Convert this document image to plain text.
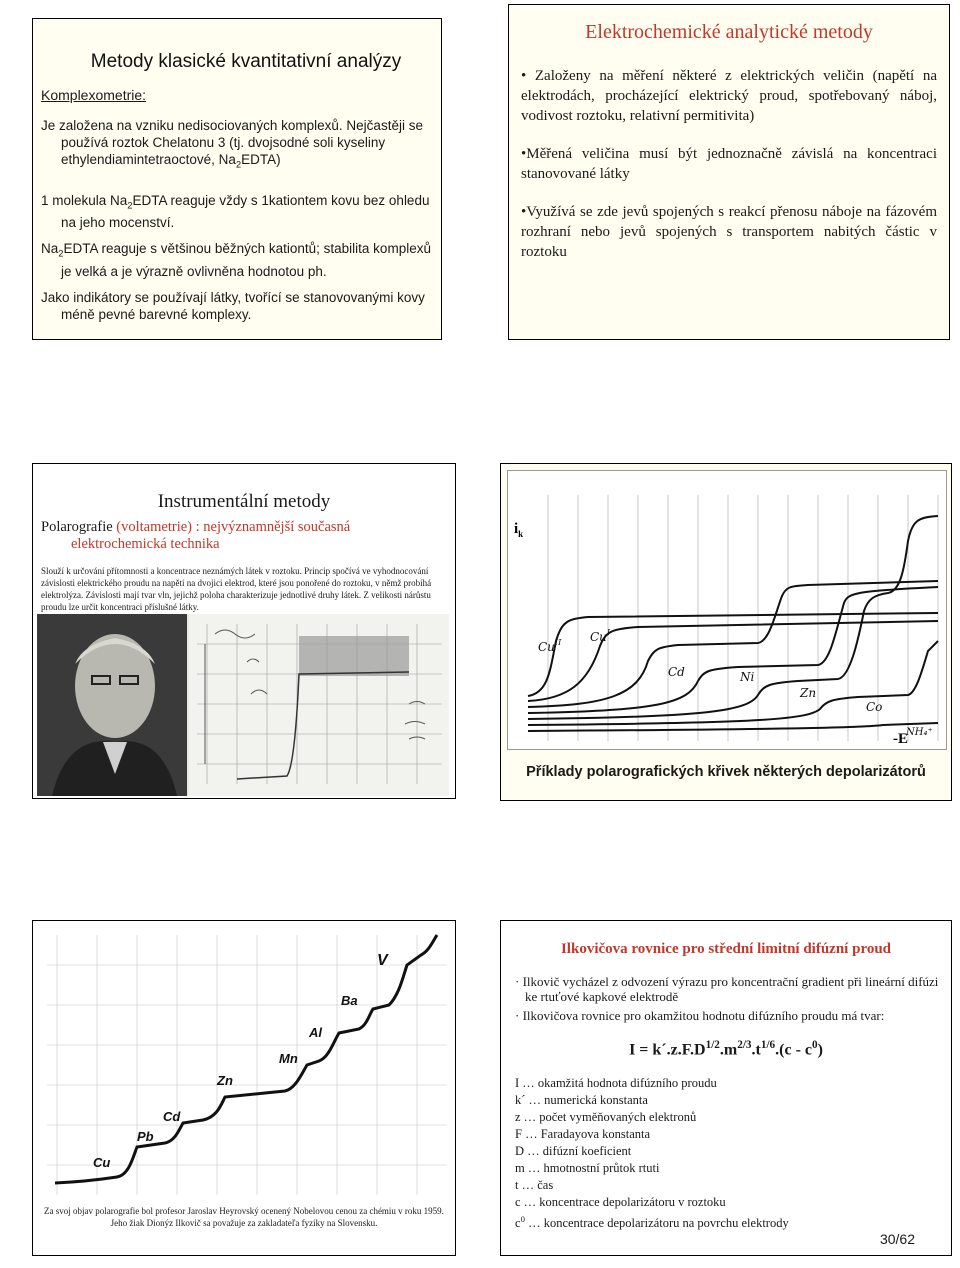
Metody klasické kvantitativní analýzy
Komplexometrie:
Je založena na vzniku nedisociovaných komplexů. Nejčastěji se používá roztok Chelatonu 3 (tj. dvojsodné soli kyseliny ethylendiamintetraoctové, $Na_2EDTA$)
1 molekula $Na_2EDTA$ reaguje vždy s 1kationtem kovu bez ohledu na jeho mocenství.
$Na_2EDTA$ reaguje s většinou běžných kationtů; stabilita komplexů je velká a je výrazně ovlivněna hodnotou ph.
Jako indikátory se používají látky, tvořící se stanovovanými kovy méně pevné barevné komplexy.
Elektrochemické analytické metody
• Založeny na měření některé z elektrických veličin (napětí na elektrodách, procházející elektrický proud, spotřebovaný náboj, vodivost roztoku, relativní permitivita)
•Měřená veličina musí být jednoznačně závislá na koncentraci stanovované látky
•Využívá se zde jevů spojených s reakcí přenosu náboje na fázovém rozhraní nebo jevů spojených s transportem nabitých částic v roztoku
Instrumentální metody
Polarografie (voltametrie) : nejvýznamnější současná elektrochemická technika
Slouží k určování přítomnosti a koncentrace neznámých látek v roztoku. Princip spočívá ve vyhodnocování závislosti elektrického proudu na napětí na dvojici elektrod, které jsou ponořené do roztoku, v němž probíhá elektrolýza. Závislosti mají tvar vln, jejichž poloha charakterizuje jednotlivé druhy látek. Z velikosti nárůstu proudu lze určit koncentraci příslušné látky.
$i_k$
-E
$Cu^{II}$ $Cu^I$
Cd	Ni
Zn
Co
NH₄⁺
Příklady polarografických křivek některých depolarizátorů
Cu
Pb
Cd
Zn
Mn
Al
Ba
V
Za svoj objav polarografie bol profesor Jaroslav Heyrovský ocenený Nobelovou cenou za chémiu v roku 1959. Jeho žiak Dionýz Ilkovič sa považuje za zakladateľa fyziky na Slovensku.
Ilkovičova rovnice pro střední limitní difúzní proud
· Ilkovič vycházel z odvození výrazu pro koncentrační gradient při lineární difúzi ke rtuťové kapkové elektrodě
· Ilkovičova rovnice pro okamžitou hodnotu difúzního proudu má tvar:
$I = k´.z.F.D^{1/2}.m^{2/3}.t^{1/6}.(c - c^0)$
I … okamžitá hodnota difúzního proudu
k´ … numerická konstanta
z … počet vyměňovaných elektronů
F … Faradayova konstanta
D … difúzní koeficient
m … hmotnostní průtok rtuti
t … čas
c … koncentrace depolarizátoru v roztoku
$c^0$ … koncentrace depolarizátoru na povrchu elektrody
30/62
